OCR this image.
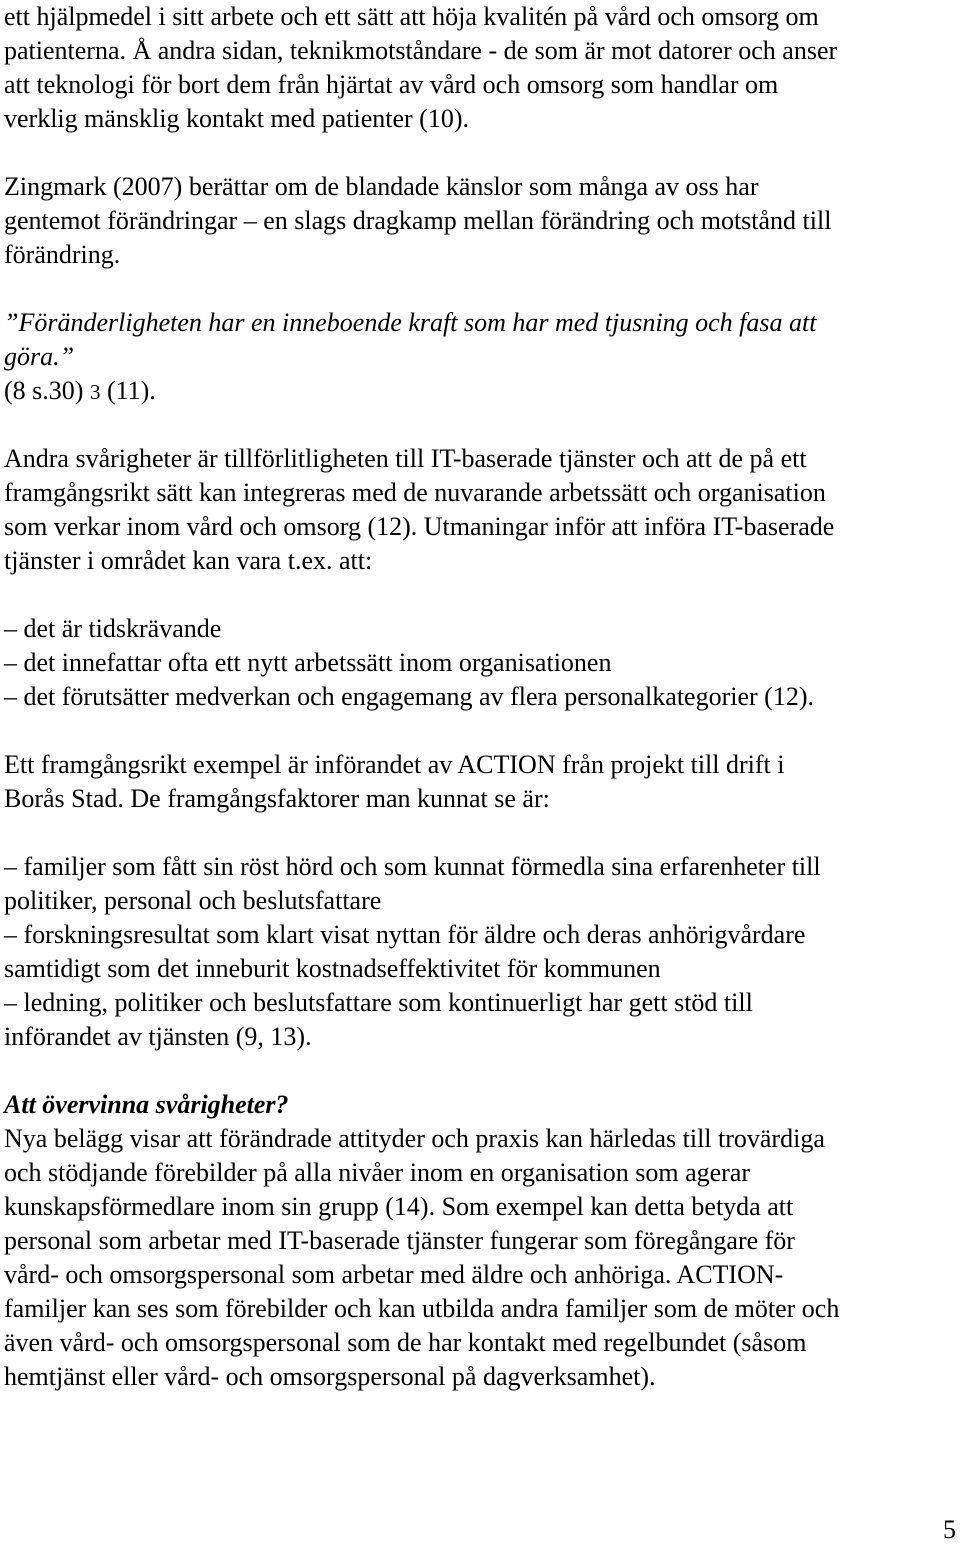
ett hjälpmedel i sitt arbete och ett sätt att höja kvalitén på vård och omsorg om
patienterna. Å andra sidan, teknikmotståndare - de som är mot datorer och anser
att teknologi för bort dem från hjärtat av vård och omsorg som handlar om
verklig mänsklig kontakt med patienter (10).
Zingmark (2007) berättar om de blandade känslor som många av oss har
gentemot förändringar – en slags dragkamp mellan förändring och motstånd till
förändring.
”Föränderligheten har en inneboende kraft som har med tjusning och fasa att
göra.”
(8 s.30) 3 (11).
Andra svårigheter är tillförlitligheten till IT-baserade tjänster och att de på ett
framgångsrikt sätt kan integreras med de nuvarande arbetssätt och organisation
som verkar inom vård och omsorg (12). Utmaningar inför att införa IT-baserade
tjänster i området kan vara t.ex. att:
– det är tidskrävande
– det innefattar ofta ett nytt arbetssätt inom organisationen
– det förutsätter medverkan och engagemang av flera personalkategorier (12).
Ett framgångsrikt exempel är införandet av ACTION från projekt till drift i
Borås Stad. De framgångsfaktorer man kunnat se är:
– familjer som fått sin röst hörd och som kunnat förmedla sina erfarenheter till
politiker, personal och beslutsfattare
– forskningsresultat som klart visat nyttan för äldre och deras anhörigvårdare
samtidigt som det inneburit kostnadseffektivitet för kommunen
– ledning, politiker och beslutsfattare som kontinuerligt har gett stöd till
införandet av tjänsten (9, 13).
Att övervinna svårigheter?
Nya belägg visar att förändrade attityder och praxis kan härledas till trovärdiga
och stödjande förebilder på alla nivåer inom en organisation som agerar
kunskapsförmedlare inom sin grupp (14). Som exempel kan detta betyda att
personal som arbetar med IT-baserade tjänster fungerar som föregångare för
vård- och omsorgspersonal som arbetar med äldre och anhöriga. ACTION-
familjer kan ses som förebilder och kan utbilda andra familjer som de möter och
även vård- och omsorgspersonal som de har kontakt med regelbundet (såsom
hemtjänst eller vård- och omsorgspersonal på dagverksamhet).
5
